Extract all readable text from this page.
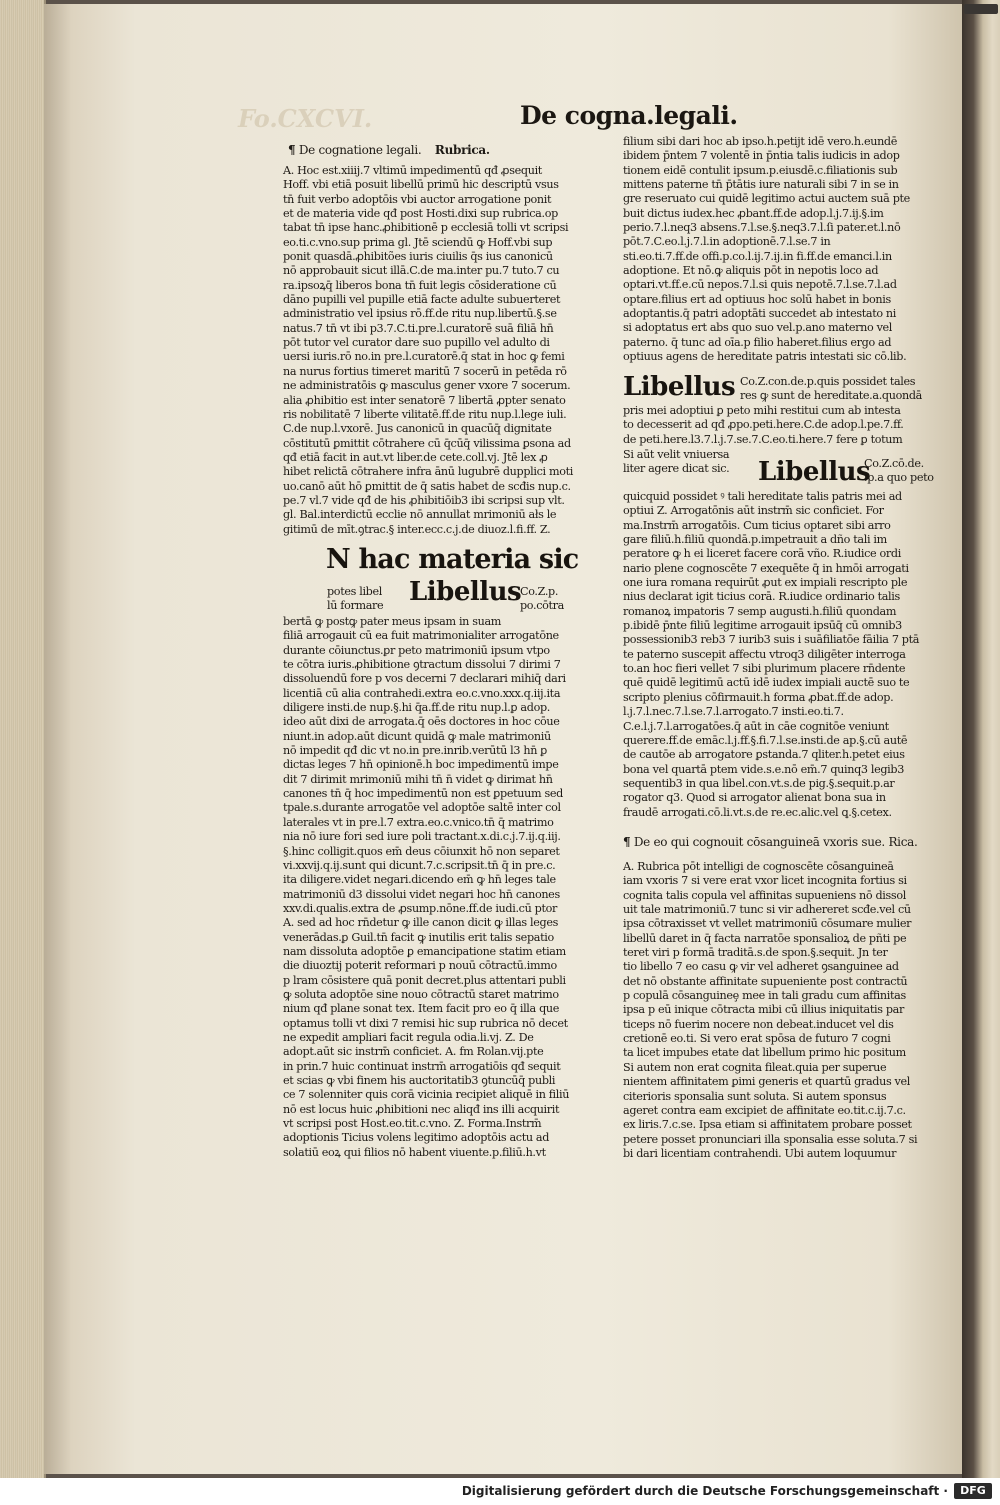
Fo.CXCVI.	De cogna.legali.
¶ De cognatione legali. Rubrica.
A. Hoc est.xiiij.7 vltimū impedimentū qđ ꝓsequit
Hoff. vbi etiā posuit libellū primū hic descriptū vsus
tn̄ fuit verbo adoptōis vbi auctor arrogatione ponit
et de materia vide qđ post Hosti.dixi sup rubrica.op
tabat tn̄ ipse hanc.ꝓhibitionē p ecclesiā tolli vt scripsi
eo.ti.c.vno.sup prima gl. Jtē sciendū ꝙ Hoff.vbi sup
ponit quasdā.ꝓhibitões iuris ciuilis q̄s ius canonicū
nō approbauit sicut illā.C.de ma.inter pu.7 tuto.7 cu
ra.ipsoꝝq̄ liberos bona tn̄ fuit legis cōsideratione cū
dāno pupilli vel pupille etiā facte adulte subuerteret
administratio vel ipsius rō.ff.de ritu nup.libertū.§.se
natus.7 tn̄ vt ibi p3.7.C.ti.pre.l.curatorē suā filiā hn̄
pōt tutor vel curator dare suo pupillo vel adulto di
uersi iuris.rō no.in pre.l.curatorē.q̄ stat in hoc ꝙ femi
na nurus fortius timeret maritū 7 socerū in petēda rō
ne administratōis ꝙ masculus gener vxore 7 socerum.
alia ꝓhibitio est inter senatorē 7 libertā ꝓpter senato
ris nobilitatē 7 liberte vilitatē.ff.de ritu nup.l.lege iuli.
C.de nup.l.vxorē. Jus canonicū in quacūq̄ dignitate
cōstitutū ꝑmittit cōtrahere cū q̄cūq̄ vilissima ꝑsona ad
qđ etiā facit in aut.vt liber.de cete.coll.vj. Jtē lex ꝓ
hibet relictā cōtrahere infra ānū lugubrē dupplici moti
uo.canō aūt hō ꝑmittit de q̄ satis habet de scđis nup.c.
pe.7 vl.7 vide qđ de his ꝓhibitiōib3 ibi scripsi sup vlt.
gl. Bal.interdictū ecclie nō annullat mrimoniū ałs le
gitimū de mīt.ꝯtrac.§ inter.ecc.c.j.de diuoz.l.fi.ff. Z.
N hac materia sic
potes libel
lū formare Libellus
Co.Z.p.
po.cōtra
bertā ꝙ postꝙ pater meus ipsam in suam
filiā arrogauit cū ea fuit matrimonialiter arrogatōne
durante cōiunctus.ꝑr peto matrimoniū ipsum vtpo
te cōtra iuris.ꝓhibitione ꝯtractum dissolui 7 dirimi 7
dissoluendū fore p vos decerni 7 declarari mihiq̄ dari
licentiā cū alia contrahedi.extra eo.c.vno.xxx.q.iij.ita
diligere insti.de nup.§.hi q̄a.ff.de ritu nup.l.ꝑ adop.
ideo aūt dixi de arrogata.q̄ oēs doctores in hoc cōue
niunt.in adop.aūt dicunt quidā ꝙ male matrimoniū
nō impedit qđ dic vt no.in pre.inrib.verūtū l3 hn̄ ꝑ
dictas leges 7 hn̄ opinionē.h boc impedimentū impe
dit 7 dirimit mrimoniū mihi tn̄ n̄ videt ꝙ dirimat hn̄
canones tn̄ q̄ hoc impedimentū non est ꝑpetuum sed
tpale.s.durante arrogatōe vel adoptōe saltē inter col
laterales vt in pre.l.7 extra.eo.c.vnico.tn̄ q̄ matrimo
nia nō iure fori sed iure poli tractant.x.di.c.j.7.ij.q.iij.
§.hinc colligit.quos em̄ deus cōiunxit hō non separet
vi.xxvij.q.ij.sunt qui dicunt.7.c.scripsit.tn̄ q̄ in pre.c.
ita diligere.videt negari.dicendo em̄ ꝙ hn̄ leges tale
matrimoniū d3 dissolui videt negari hoc hn̄ canones
xxv.di.qualis.extra de ꝓsump.nōne.ff.de iudi.cū ptor
A. sed ad hoc rn̄detur ꝙ ille canon dicit ꝙ illas leges
venerādas.ꝑ Guil.tn̄ facit ꝙ inutilis erit talis sepatio
nam dissoluta adoptōe ꝑ emancipatione statim etiam
die diuoztij poterit reformari p nouū cōtractū.immo
p lram cōsistere quā ponit decret.plus attentari publi
ꝙ soluta adoptōe sine nouo cōtractū staret matrimo
nium qđ plane sonat tex. Item facit pro eo q̄ illa que
optamus tolli vt dixi 7 remisi hic sup rubrica nō decet
ne expedit ampliari facit regula odia.li.vj. Z. De
adopt.aūt sic instrm̄ conficiet. A. fm Rolan.vij.pte
in prin.7 huic continuat instrm̄ arrogatiōis qđ sequit
et scias ꝙ vbi finem his auctoritatib3 ꝯtuncūq̄ publi
ce 7 solenniter quis corā vicinia recipiet aliquē in filiū
nō est locus huic ꝓhibitioni nec aliqđ ins illi acquirit
vt scripsi post Host.eo.tit.c.vno. Z. Forma.Instrm̄
adoptionis Ticius volens legitimo adoptōis actu ad
solatiū eoꝝ qui filios nō habent viuente.p.filiū.h.vt
filium sibi dari hoc ab ipso.h.petijt idē vero.h.eundē
ibidem p̄ntem 7 volentē in p̄ntia talis iudicis in adop
tionem eidē contulit ipsum.p.eiusdē.c.filiationis sub
mittens paterne tn̄ p̄tātis iure naturali sibi 7 in se in
gre reseruato cui quidē legitimo actui auctem suā pte
buit dictus iudex.hec ꝓbant.ff.de adop.l.j.7.ij.§.im
perio.7.l.neq3 absens.7.l.se.§.neq3.7.l.ſi pater.et.l.nō
pōt.7.C.eo.l.j.7.l.in adoptionē.7.l.se.7 in
sti.eo.ti.7.ff.de offi.p.co.l.ij.7.ij.in fi.ff.de emanci.l.in
adoptione. Et nō.ꝙ aliquis pōt in nepotis loco ad
optari.vt.ff.e.cū nepos.7.l.si quis nepotē.7.l.se.7.l.ad
optare.filius ert ad optiuus hoc solū habet in bonis
adoptantis.q̄ patri adoptāti succedet ab intestato ni
si adoptatus ert abs quo suo vel.p.ano materno vel
paterno. q̄ tunc ad oīa.p filio haberet.filius ergo ad
optiuus agens de hereditate patris intestati sic cō.lib.
Libellus Co.Z.con.de.p.quis possidet tales
res ꝙ sunt de hereditate.a.quondā
pris mei adoptiui ꝑ peto mihi restitui cum ab intesta
to decesserit ad qđ ꝓpo.peti.here.C.de adop.l.pe.7.ff.
de peti.here.l3.7.l.j.7.se.7.C.eo.ti.here.7 fere ꝑ totum
Si aūt velit vniuersa
liter agere dicat sic. Libellus
Co.Z.cō.de.
.p.a quo peto
quicquid possidet ꝰ tali hereditate talis patris mei ad
optiui Z. Arrogatōnis aūt instrm̄ sic conficiet. For
ma.Instrm̄ arrogatōis. Cum ticius optaret sibi arro
gare filiū.h.filiū quondā.p.impetrauit a dño tali im
peratore ꝙ h ei liceret facere corā vño. R.iudice ordi
nario plene cognoscēte 7 exequēte q̄ in hmōi arrogati
one iura romana requirūt ꝓut ex impiali rescripto ple
nius declarat igit ticius corā. R.iudice ordinario talis
romanoꝝ impatoris 7 semp augusti.h.filiū quondam
p.ibidē p̄nte filiū legitime arrogauit ipsūq̄ cū omnib3
possessionib3 reb3 7 iurib3 suis i suāfiliatōe fāilia 7 ptā
te paterno suscepit affectu vtroq3 diligēter interroga
to.an hoc fieri vellet 7 sibi plurimum placere rn̄dente
quē quidē legitimū actū idē iudex impiali auctē suo te
scripto plenius cōfirmauit.h forma ꝓbat.ff.de adop.
l.j.7.l.nec.7.l.se.7.l.arrogato.7 insti.eo.ti.7.
C.e.l.j.7.l.arrogatōes.q̄ aūt in cāe cognitōe veniunt
querere.ff.de emāc.l.j.ff.§.fi.7.l.se.insti.de ap.§.cū autē
de cautōe ab arrogatore ꝑstanda.7 qliter.h.petet eius
bona vel quartā ptem vide.s.e.nō em̄.7 quinq3 legib3
sequentib3 in qua libel.con.vt.s.de pig.§.sequit.p.ar
rogator q3. Quod si arrogator alienat bona sua in
fraudē arrogati.cō.li.vt.s.de re.ec.alic.vel ꝗ.§.cetex.
¶ De eo qui cognouit cōsanguineā vxoris sue. Rica.
A. Rubrica pōt intelligi de cognoscēte cōsanguineā
iam vxoris 7 si vere erat vxor licet incognita fortius si
cognita talis copula vel affinitas supueniens nō dissol
uit tale matrimoniū.7 tunc si vir adhereret scđe.vel cū
ipsa cōtraxisset vt vellet matrimoniū cōsumare mulier
libellū daret in q̄ facta narratōe sponsalioꝝ de pñti pe
teret viri p formā traditā.s.de spon.§.sequit. Jn ter
tio libello 7 eo casu ꝙ vir vel adheret ꝯsanguinee ad
det nō obstante affinitate supueniente post contractū
p copulā cōsanguineȩ mee in tali gradu cum affinitas
ipsa p eū inique cōtracta mibi cū illius iniquitatis par
ticeps nō fuerim nocere non debeat.inducet vel dis
cretionē eo.ti. Si vero erat spōsa de futuro 7 cogni
ta licet impubes etate dat libellum primo hic positum
Si autem non erat cognita fileat.quia per superue
nientem affinitatem ꝑimi generis et quartū gradus vel
citerioris sponsalia sunt soluta. Si autem sponsus
ageret contra eam excipiet de affinitate eo.tit.c.ij.7.c.
ex liris.7.c.se. Ipsa etiam si affinitatem probare posset
petere posset pronunciari illa sponsalia esse soluta.7 si
bi dari licentiam contrahendi. Ubi autem loquumur
Digitalisierung gefördert durch die Deutsche Forschungsgemeinschaft ·	DFG
